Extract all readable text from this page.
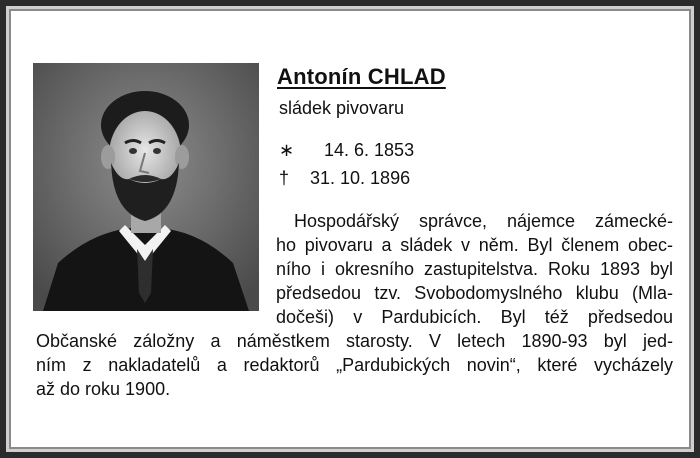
Antonín CHLAD
sládek pivovaru
∗ 14. 6. 1853
† 31. 10. 1896
Hospodářský správce, nájemce zámecké-
ho pivovaru a sládek v něm. Byl členem obec-
ního i okresního zastupitelstva. Roku 1893 byl
předsedou tzv. Svobodomyslného klubu (Mla-
dočeši) v Pardubicích. Byl též předsedou
Občanské záložny a náměstkem starosty. V letech 1890-93 byl jed-
ním z nakladatelů a redaktorů „Pardubických novin“, které vycházely
až do roku 1900.
